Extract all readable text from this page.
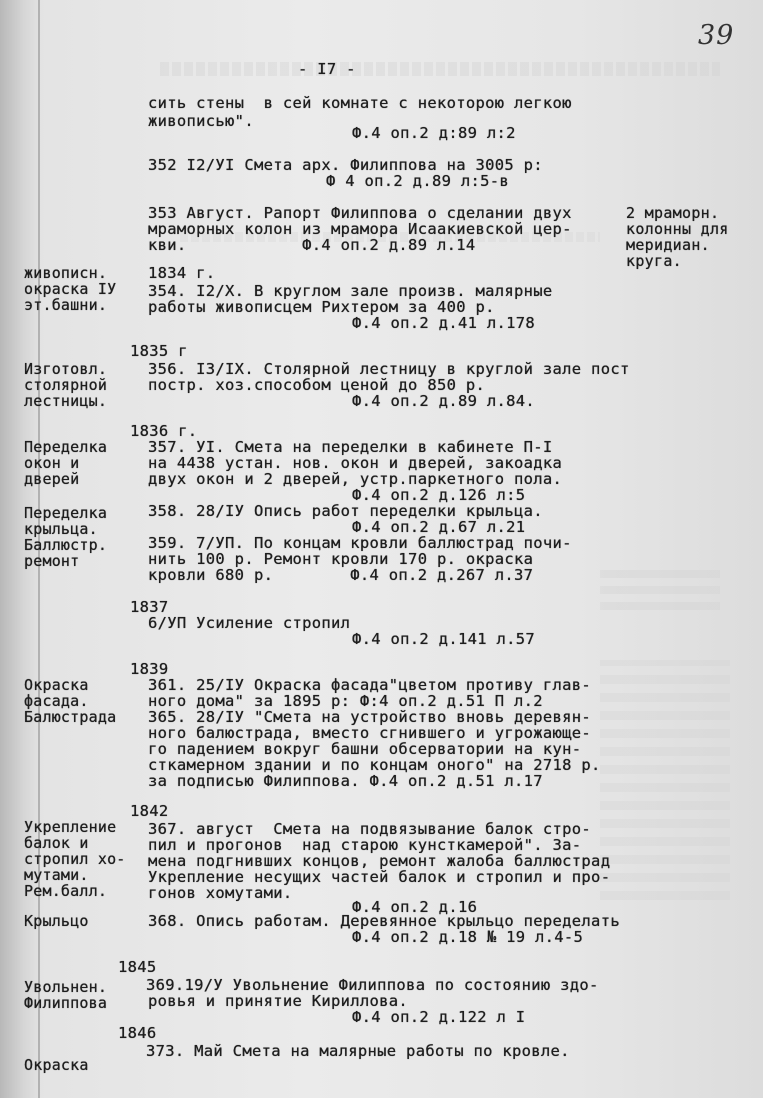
39
- I7 -
сить стены  в сей комнате с некоторою легкою
живописью".
Ф.4 оп.2 д:89 л:2
352 I2/УI Смета арх. Филиппова на 3005 р:
Ф 4 оп.2 д.89 л:5-в
353 Август. Рапорт Филиппова о сделании двух
мраморных колон из мрамора Исаакиевской цер-
кви.            Ф.4 оп.2 д.89 л.14
2 мраморн.
колонны для
меридиан.
круга.
живописн.
окраска IУ
эт.башни.
1834 г.
354. I2/X. В круглом зале произв. малярные
работы живописцем Рихтером за 400 р.
Ф.4 оп.2 д.41 л.178
1835 г
Изготовл.
столярной
лестницы.
356. I3/IX. Столярной лестницу в круглой зале пост
постр. хоз.способом ценой до 850 р.
Ф.4 оп.2 д.89 л.84.
1836 г.
Переделка
окон и
дверей
357. УI. Смета на переделки в кабинете П-I
на 4438 устан. нов. окон и дверей, закоадка
двух окон и 2 дверей, устр.паркетного пола.
Ф.4 оп.2 д.126 л:5
Переделка
крыльца.
358. 28/IУ Опись работ переделки крыльца.
Ф.4 оп.2 д.67 л.21
Баллюстр.
ремонт
359. 7/УП. По концам кровли баллюстрад почи-
нить 100 р. Ремонт кровли 170 р. окраска
кровли 680 р.        Ф.4 оп.2 д.267 л.37
1837
6/УП Усиление стропил
Ф.4 оп.2 д.141 л.57
1839
Окраска
фасада.
Балюстрада
361. 25/IУ Окраска фасада"цветом противу глав-
ного дома" за 1895 р: Ф:4 оп.2 д.51 П л.2
365. 28/IУ "Смета на устройство вновь деревян-
ного балюстрада, вместо сгнившего и угрожающе-
го падением вокруг башни обсерватории на кун-
сткамерном здании и по концам оного" на 2718 р.
за подписью Филиппова. Ф.4 оп.2 д.51 л.17
1842
Укрепление
балок и
стропил хо-
мутами.
Рем.балл.
367. август  Смета на подвязывание балок стро-
пил и прогонов  над старою кунсткамерой". За-
мена подгнивших концов, ремонт жалоба баллюстрад
Укрепление несущих частей балок и стропил и про-
гонов хомутами.
Ф.4 оп.2 д.16
Крыльцо	368. Опись работам. Деревянное крыльцо переделать
Ф.4 оп.2 д.18 № 19 л.4-5
1845
Увольнен.
Филиппова
369.19/У Увольнение Филиппова по состоянию здо-
ровья и принятие Кириллова.
Ф.4 оп.2 д.122 л I
1846
373. Май Смета на малярные работы по кровле.
Окраска
